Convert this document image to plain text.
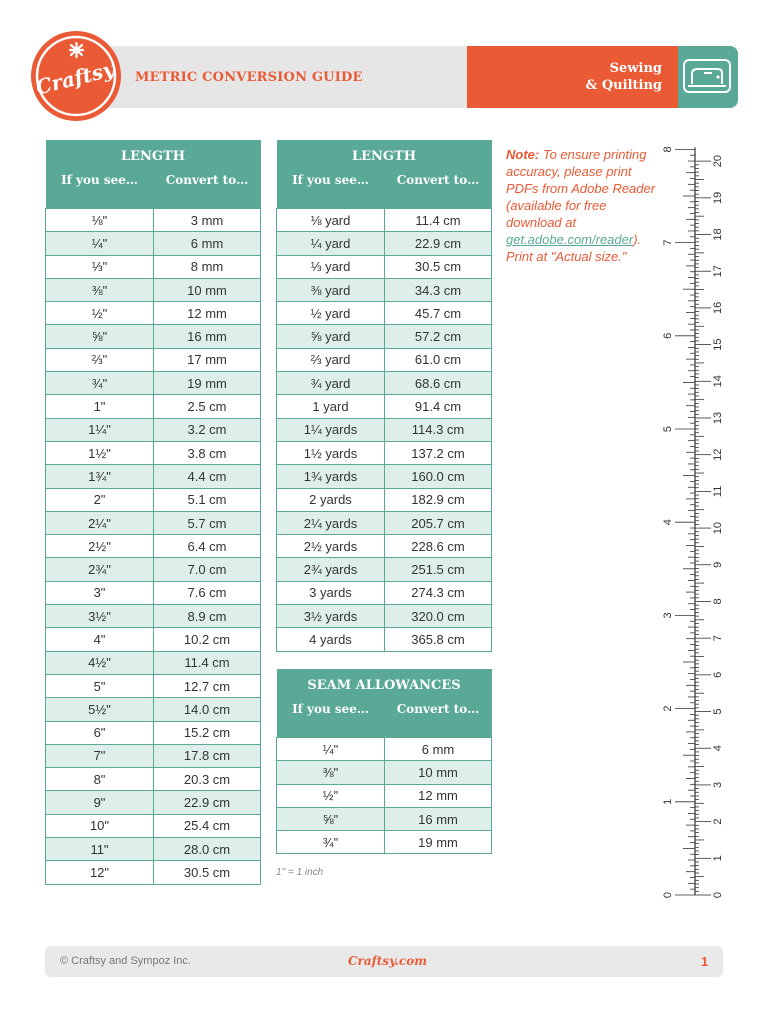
METRIC CONVERSION GUIDE
Sewing
& Quilting
Craftsy
LENGTH	
If you see…	Convert to…
⅛"	3 mm
¼"	6 mm
⅓"	8 mm
⅜"	10 mm
½"	12 mm
⅝"	16 mm
⅔"	17 mm
¾"	19 mm
1"	2.5 cm
1¼"	3.2 cm
1½"	3.8 cm
1¾"	4.4 cm
2"	5.1 cm
2¼"	5.7 cm
2½"	6.4 cm
2¾"	7.0 cm
3"	7.6 cm
3½"	8.9 cm
4"	10.2 cm
4½"	11.4 cm
5"	12.7 cm
5½"	14.0 cm
6"	15.2 cm
7"	17.8 cm
8"	20.3 cm
9"	22.9 cm
10"	25.4 cm
11"	28.0 cm
12"	30.5 cm
LENGTH	
If you see…	Convert to…
⅛ yard	11.4 cm
¼ yard	22.9 cm
⅓ yard	30.5 cm
⅜ yard	34.3 cm
½ yard	45.7 cm
⅝ yard	57.2 cm
⅔ yard	61.0 cm
¾ yard	68.6 cm
1 yard	91.4 cm
1¼ yards	114.3 cm
1½ yards	137.2 cm
1¾ yards	160.0 cm
2 yards	182.9 cm
2¼ yards	205.7 cm
2½ yards	228.6 cm
2¾ yards	251.5 cm
3 yards	274.3 cm
3½ yards	320.0 cm
4 yards	365.8 cm
SEAM ALLOWANCES	
If you see…	Convert to…
¼"	6 mm
⅜"	10 mm
½"	12 mm
⅝"	16 mm
¾"	19 mm
1" = 1 inch
Note: To ensure printing accuracy, please print PDFs from Adobe Reader (available for free download at get.adobe.com/reader). Print at "Actual size."
0
1
2
3
4
5
6
7
8
0
1
2
3
4
5
6
7
8
9
10
11
12
13
14
15
16
17
18
19
20
© Craftsy and Sympoz Inc.	Craftsy.com	1
